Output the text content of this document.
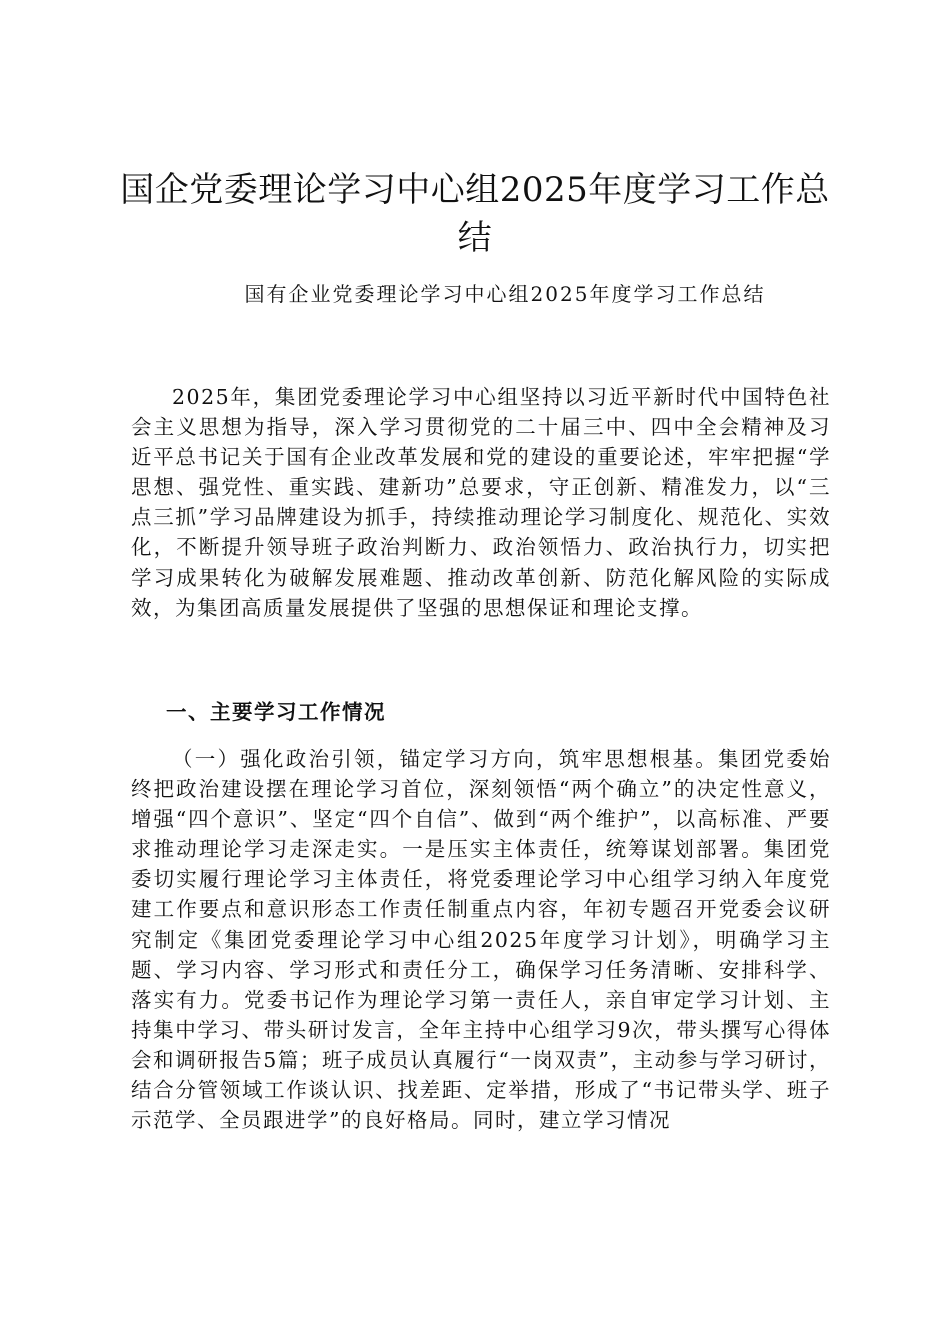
国企党委理论学习中心组2025年度学习工作总结

国有企业党委理论学习中心组2025年度学习工作总结

2025年，集团党委理论学习中心组坚持以习近平新时代中国特色社会主义思想为指导，深入学习贯彻党的二十届三中、四中全会精神及习近平总书记关于国有企业改革发展和党的建设的重要论述，牢牢把握“学思想、强党性、重实践、建新功”总要求，守正创新、精准发力，以“三点三抓”学习品牌建设为抓手，持续推动理论学习制度化、规范化、实效化，不断提升领导班子政治判断力、政治领悟力、政治执行力，切实把学习成果转化为破解发展难题、推动改革创新、防范化解风险的实际成效，为集团高质量发展提供了坚强的思想保证和理论支撑。

一、主要学习工作情况

（一）强化政治引领，锚定学习方向，筑牢思想根基。集团党委始终把政治建设摆在理论学习首位，深刻领悟“两个确立”的决定性意义，增强“四个意识”、坚定“四个自信”、做到“两个维护”，以高标准、严要求推动理论学习走深走实。一是压实主体责任，统筹谋划部署。集团党委切实履行理论学习主体责任，将党委理论学习中心组学习纳入年度党建工作要点和意识形态工作责任制重点内容，年初专题召开党委会议研究制定《集团党委理论学习中心组2025年度学习计划》，明确学习主题、学习内容、学习形式和责任分工，确保学习任务清晰、安排科学、落实有力。党委书记作为理论学习第一责任人，亲自审定学习计划、主持集中学习、带头研讨发言，全年主持中心组学习9次，带头撰写心得体会和调研报告5篇；班子成员认真履行“一岗双责”，主动参与学习研讨，结合分管领域工作谈认识、找差距、定举措，形成了“书记带头学、班子示范学、全员跟进学”的良好格局。同时，建立学习情况
